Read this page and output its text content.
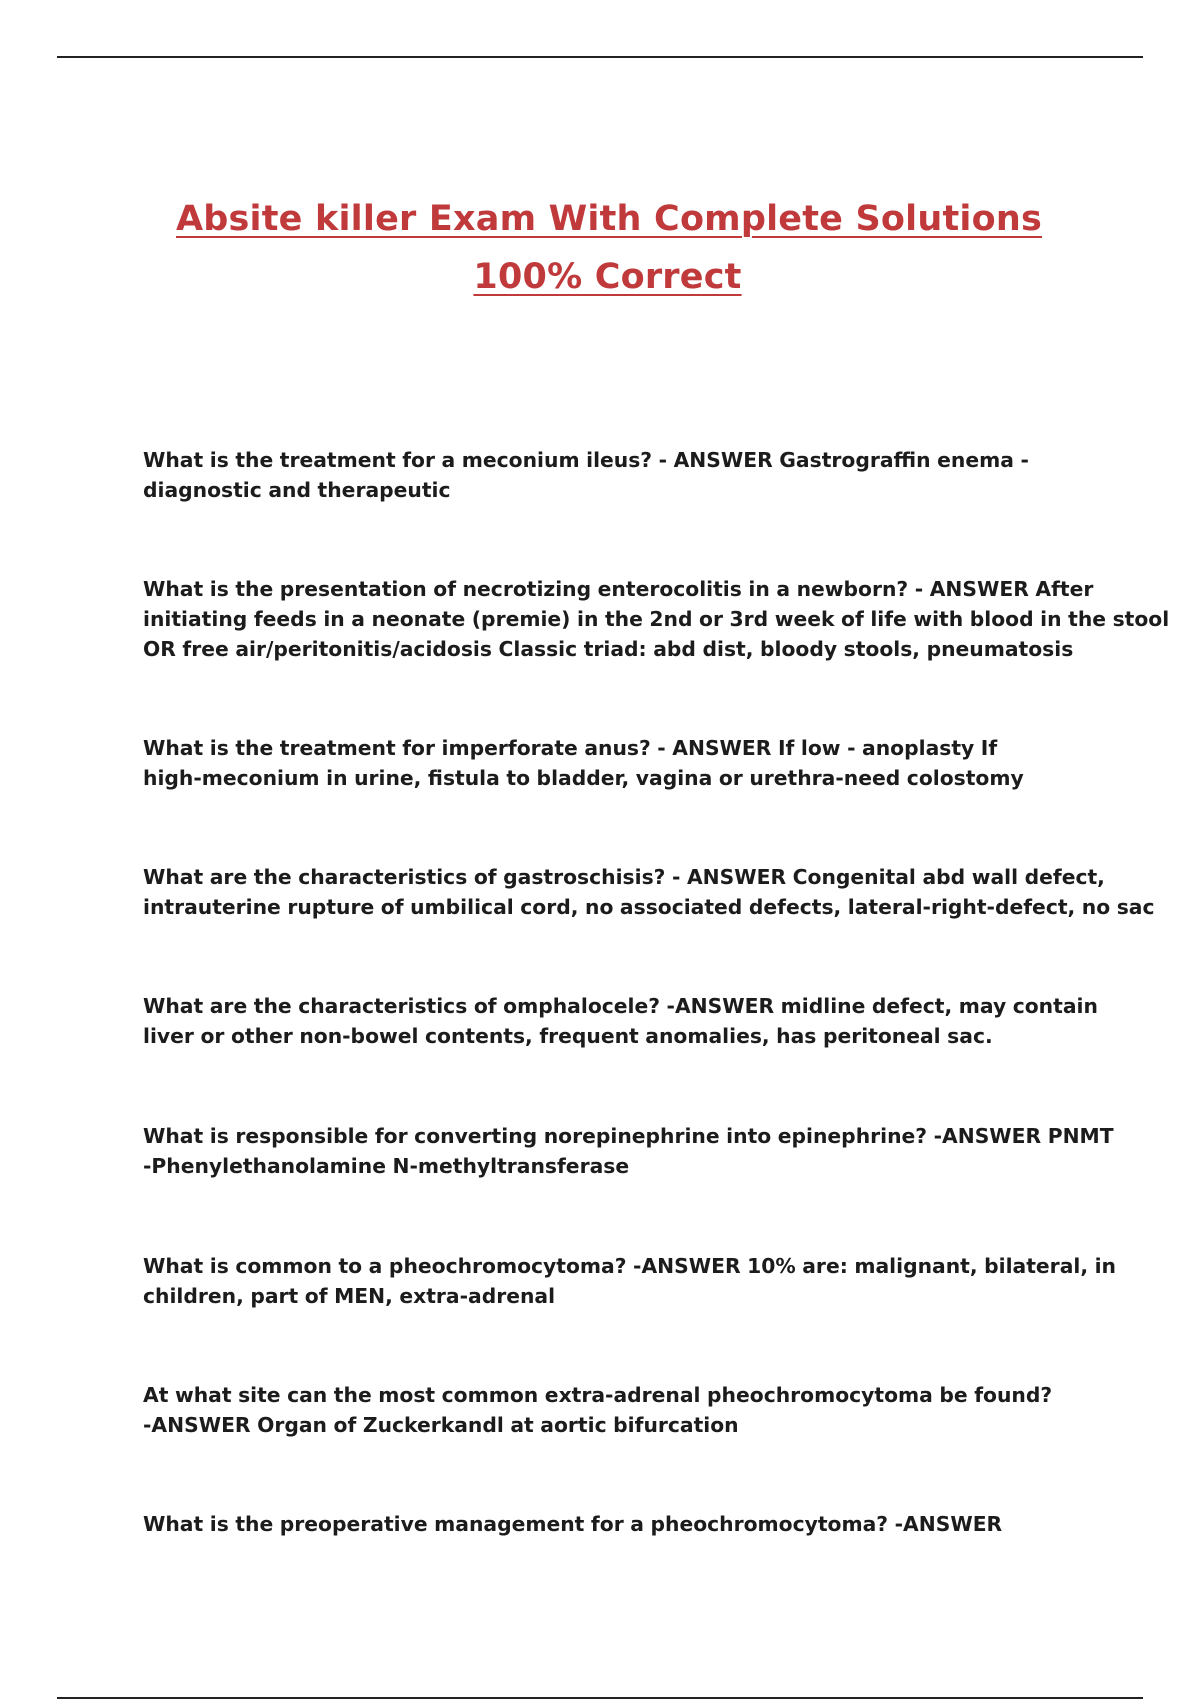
Absite killer Exam With Complete Solutions
100% Correct

What is the treatment for a meconium ileus? - ANSWER Gastrograffin enema -
diagnostic and therapeutic

What is the presentation of necrotizing enterocolitis in a newborn? - ANSWER After
initiating feeds in a neonate (premie) in the 2nd or 3rd week of life with blood in the stool
OR free air/peritonitis/acidosis Classic triad: abd dist, bloody stools, pneumatosis

What is the treatment for imperforate anus? - ANSWER If low - anoplasty If
high-meconium in urine, fistula to bladder, vagina or urethra-need colostomy

What are the characteristics of gastroschisis? - ANSWER Congenital abd wall defect,
intrauterine rupture of umbilical cord, no associated defects, lateral-right-defect, no sac

What are the characteristics of omphalocele? -ANSWER midline defect, may contain
liver or other non-bowel contents, frequent anomalies, has peritoneal sac.

What is responsible for converting norepinephrine into epinephrine? -ANSWER PNMT
-Phenylethanolamine N-methyltransferase

What is common to a pheochromocytoma? -ANSWER 10% are: malignant, bilateral, in
children, part of MEN, extra-adrenal

At what site can the most common extra-adrenal pheochromocytoma be found?
-ANSWER Organ of Zuckerkandl at aortic bifurcation

What is the preoperative management for a pheochromocytoma? -ANSWER
